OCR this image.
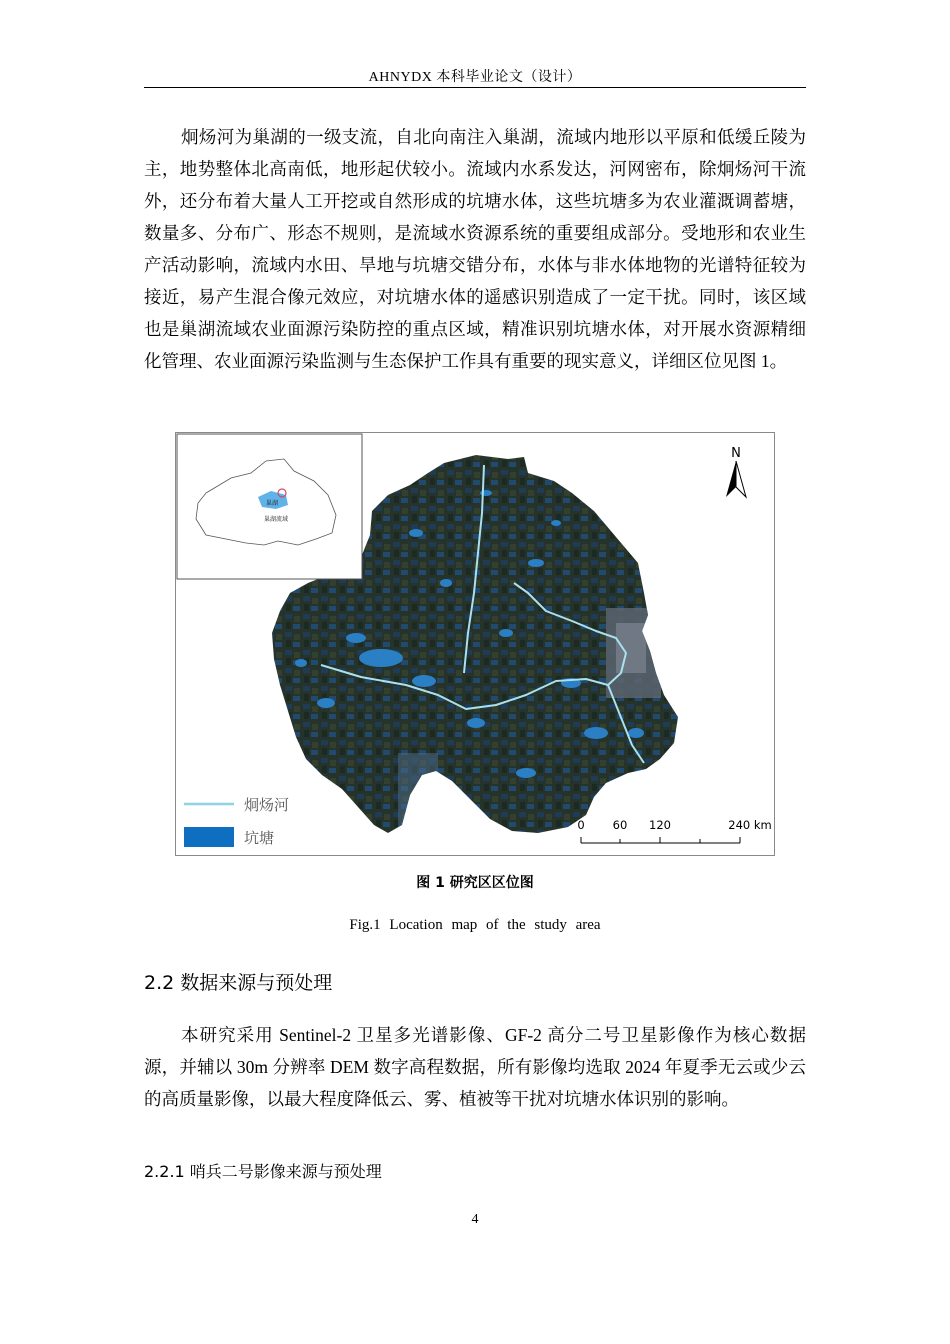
AHNYDX 本科毕业论文（设计）

炯炀河为巢湖的一级支流，自北向南注入巢湖，流域内地形以平原和低缓丘陵为主，地势整体北高南低，地形起伏较小。流域内水系发达，河网密布，除炯炀河干流外，还分布着大量人工开挖或自然形成的坑塘水体，这些坑塘多为农业灌溉调蓄塘，数量多、分布广、形态不规则，是流域水资源系统的重要组成部分。受地形和农业生产活动影响，流域内水田、旱地与坑塘交错分布，水体与非水体地物的光谱特征较为接近，易产生混合像元效应，对坑塘水体的遥感识别造成了一定干扰。同时，该区域也是巢湖流域农业面源污染防控的重点区域，精准识别坑塘水体，对开展水资源精细化管理、农业面源污染监测与生态保护工作具有重要的现实意义，详细区位见图 1。

巢湖
巢湖流域
N
炯炀河
坑塘
0 60 120	240 km
图 1 研究区区位图
Fig.1 Location map of the study area
2.2 数据来源与预处理

本研究采用 Sentinel-2 卫星多光谱影像、GF-2 高分二号卫星影像作为核心数据源，并辅以 30m 分辨率 DEM 数字高程数据，所有影像均选取 2024 年夏季无云或少云的高质量影像，以最大程度降低云、雾、植被等干扰对坑塘水体识别的影响。

2.2.1 哨兵二号影像来源与预处理
4
